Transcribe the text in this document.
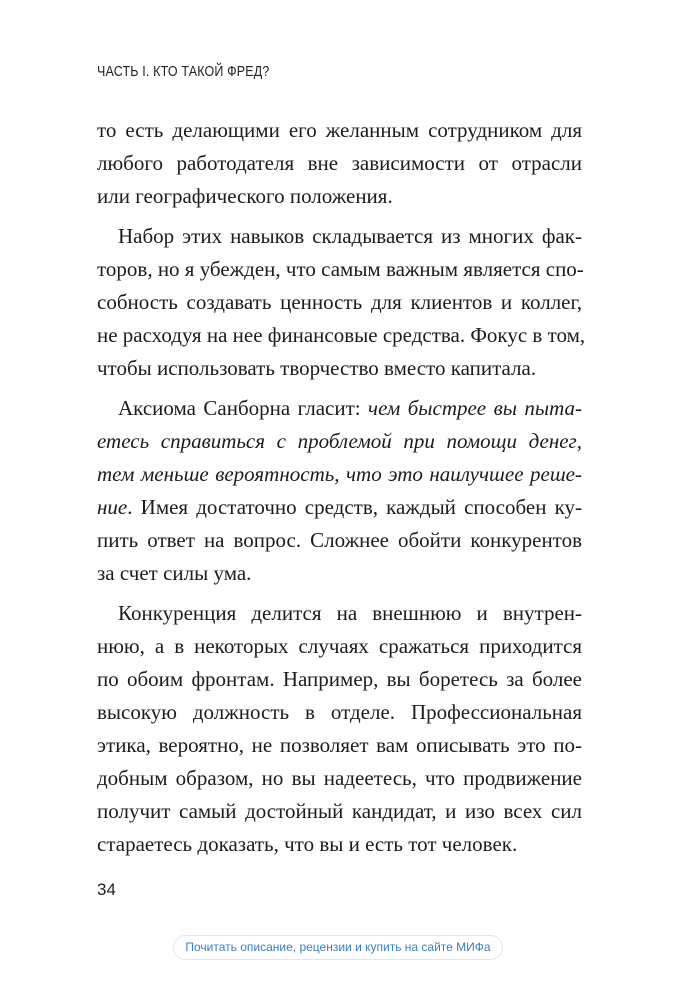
ЧАСТЬ I. КТО ТАКОЙ ФРЕД?
то есть делающими его желанным сотрудником для
любого работодателя вне зависимости от отрасли
или географического положения.
Набор этих навыков складывается из многих фак-
торов, но я убежден, что самым важным является спо-
собность создавать ценность для клиентов и коллег,
не расходуя на нее финансовые средства. Фокус в том,
чтобы использовать творчество вместо капитала.
Аксиома Санборна гласит: чем быстрее вы пыта-
етесь справиться с проблемой при помощи денег,
тем меньше вероятность, что это наилучшее реше-
ние. Имея достаточно средств, каждый способен ку-
пить ответ на вопрос. Сложнее обойти конкурентов
за счет силы ума.
Конкуренция делится на внешнюю и внутрен-
нюю, а в некоторых случаях сражаться приходится
по обоим фронтам. Например, вы боретесь за более
высокую должность в отделе. Профессиональная
этика, вероятно, не позволяет вам описывать это по-
добным образом, но вы надеетесь, что продвижение
получит самый достойный кандидат, и изо всех сил
стараетесь доказать, что вы и есть тот человек.
34
Почитать описание, рецензии и купить на сайте МИФа
